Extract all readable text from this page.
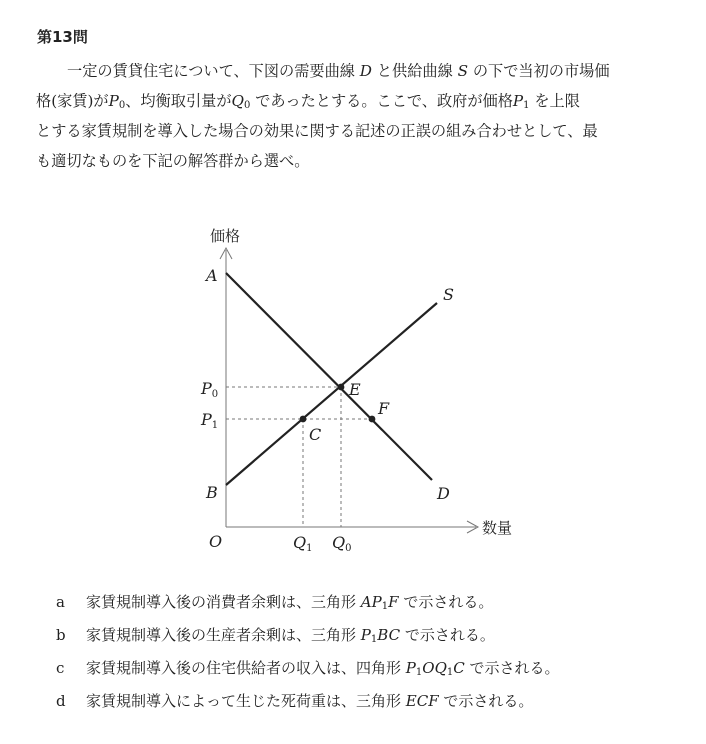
第13問
一定の賃貸住宅について、下図の需要曲線 D と供給曲線 S の下で当初の市場価
格(家賃)が$P_0$、均衡取引量が$Q_0$ であったとする。ここで、政府が価格$P_1$ を上限
とする家賃規制を導入した場合の効果に関する記述の正誤の組み合わせとして、最
も適切なものを下記の解答群から選べ。
価格
数量
A
S
E
F
C
B	D
O
P0
P1
Q1 Q0
a 家賃規制導入後の消費者余剰は、三角形 $AP_1F$ で示される。
b 家賃規制導入後の生産者余剰は、三角形 $P_1BC$ で示される。
c 家賃規制導入後の住宅供給者の収入は、四角形 $P_1OQ_1C$ で示される。
d 家賃規制導入によって生じた死荷重は、三角形 ECF で示される。
